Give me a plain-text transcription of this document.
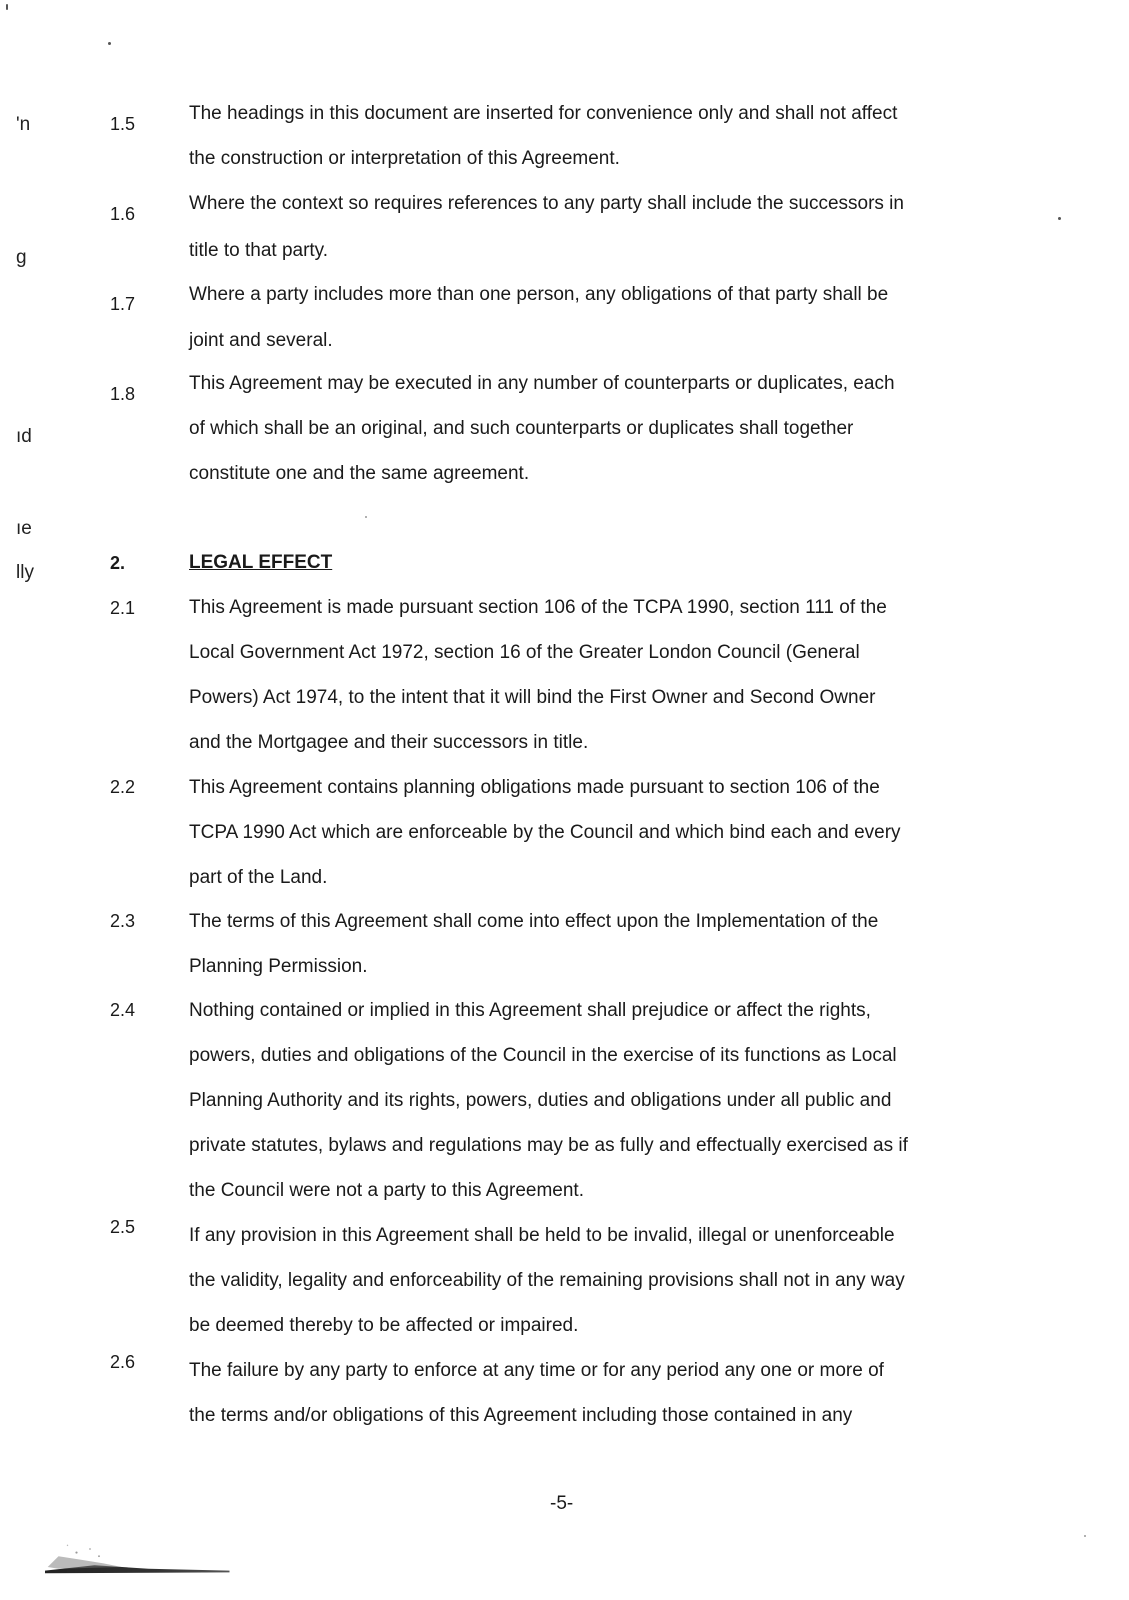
'n
g
ıd
ıe
lly
1.5	The headings in this document are inserted for convenience only and shall not affect
the construction or interpretation of this Agreement.
1.6	Where the context so requires references to any party shall include the successors in
title to that party.
1.7	Where a party includes more than one person, any obligations of that party shall be
joint and several.
1.8	This Agreement may be executed in any number of counterparts or duplicates, each
of which shall be an original, and such counterparts or duplicates shall together
constitute one and the same agreement.
2.	LEGAL EFFECT
2.1	This Agreement is made pursuant section 106 of the TCPA 1990, section 111 of the
Local Government Act 1972, section 16 of the Greater London Council (General
Powers) Act 1974, to the intent that it will bind the First Owner and Second Owner
and the Mortgagee and their successors in title.
2.2	This Agreement contains planning obligations made pursuant to section 106 of the
TCPA 1990 Act which are enforceable by the Council and which bind each and every
part of the Land.
2.3	The terms of this Agreement shall come into effect upon the Implementation of the
Planning Permission.
2.4	Nothing contained or implied in this Agreement shall prejudice or affect the rights,
powers, duties and obligations of the Council in the exercise of its functions as Local
Planning Authority and its rights, powers, duties and obligations under all public and
private statutes, bylaws and regulations may be as fully and effectually exercised as if
the Council were not a party to this Agreement.
2.5	If any provision in this Agreement shall be held to be invalid, illegal or unenforceable
the validity, legality and enforceability of the remaining provisions shall not in any way
be deemed thereby to be affected or impaired.
2.6	The failure by any party to enforce at any time or for any period any one or more of
the terms and/or obligations of this Agreement including those contained in any
-5-
